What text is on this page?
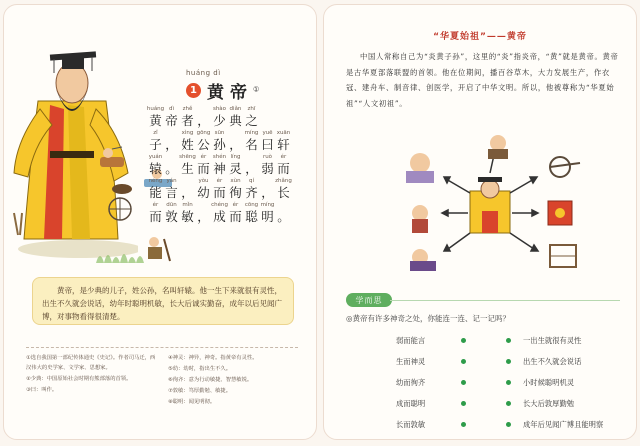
huáng dì
1 黄帝①
huáng
黄
dì
帝
zhě
者 ，
shào
少
diǎn
典
zhī
之
zǐ
子 ，
xìng
姓
gōng
公
sūn
孙 ，
míng
名
yuē
曰
xuān
轩
yuán
辕 。
shēng
生
ér
而
shén
神
líng
灵 ，
ruò
弱
ér
而
néng
能
yán
言 ，
yòu
幼
ér
而
xùn
徇
qí
齐 ，
zhǎng
长
ér
而
dūn
敦
mǐn
敏 ，
chéng
成
ér
而
cōng
聪
míng
明 。

黄帝，是少典的儿子，姓公孙，名叫轩辕。他一生下来就很有灵性，出生不久就会说话，幼年时聪明机敏，长大后诚实勤奋，成年以后见闻广博，对事物看得很清楚。

①选自我国第一部纪传体通史《史记》。作者司马迁，西汉伟大的史学家、文学家、思想家。
②少典：中国原始社会时期有熊部落的首领。
③曰：叫作。
④神灵：神异，神奇。指黄帝有灵性。
⑤幼：幼时，指出生不久。
⑥徇齐：意为行动敏捷、智慧敏锐。
⑦敦敏：笃厚勤勉、敏捷。
⑧聪明：闻见明彻。
“华夏始祖”——黄帝
中国人常称自己为“炎黄子孙”，这里的“炎”指炎帝，“黄”就是黄帝。黄帝是古华夏部落联盟的首领。他在位期间，播百谷草木，大力发展生产，作衣冠、建舟车、制音律、创医学，开启了中华文明。所以，他被尊称为“华夏始祖”“人文初祖”。
学而思
◎黄帝有许多神奇之处，你能连一连、记一记吗？
弱而能言
生而神灵
幼而徇齐
成而聪明
长而敦敏
一出生就很有灵性
出生不久就会说话
小时候聪明机灵
长大后敦厚勤勉
成年后见闻广博且能明察
